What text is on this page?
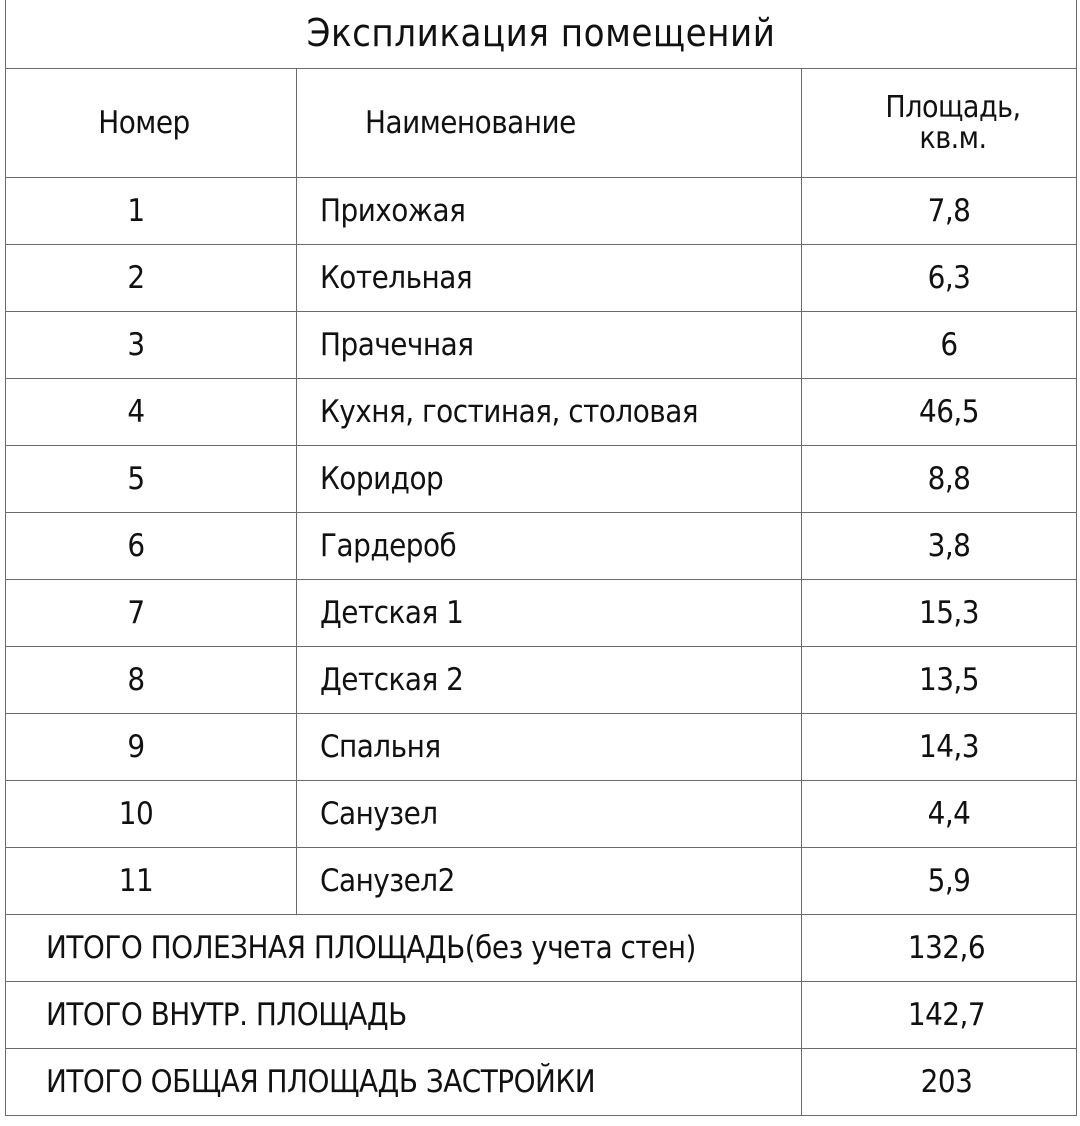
Экспликация помещений		
Номер	Наименование	Площадь,
кв.м.
1	Прихожая	7,8
2	Котельная	6,3
3	Прачечная	6
4	Кухня, гостиная, столовая	46,5
5	Коридор	8,8
6	Гардероб	3,8
7	Детская 1	15,3
8	Детская 2	13,5
9	Спальня	14,3
10	Санузел	4,4
11	Санузел2	5,9
ИТОГО ПОЛЕЗНАЯ ПЛОЩАДЬ(без учета стен)		132,6
ИТОГО ВНУТР. ПЛОЩАДЬ		142,7
ИТОГО ОБЩАЯ ПЛОЩАДЬ ЗАСТРОЙКИ		203
